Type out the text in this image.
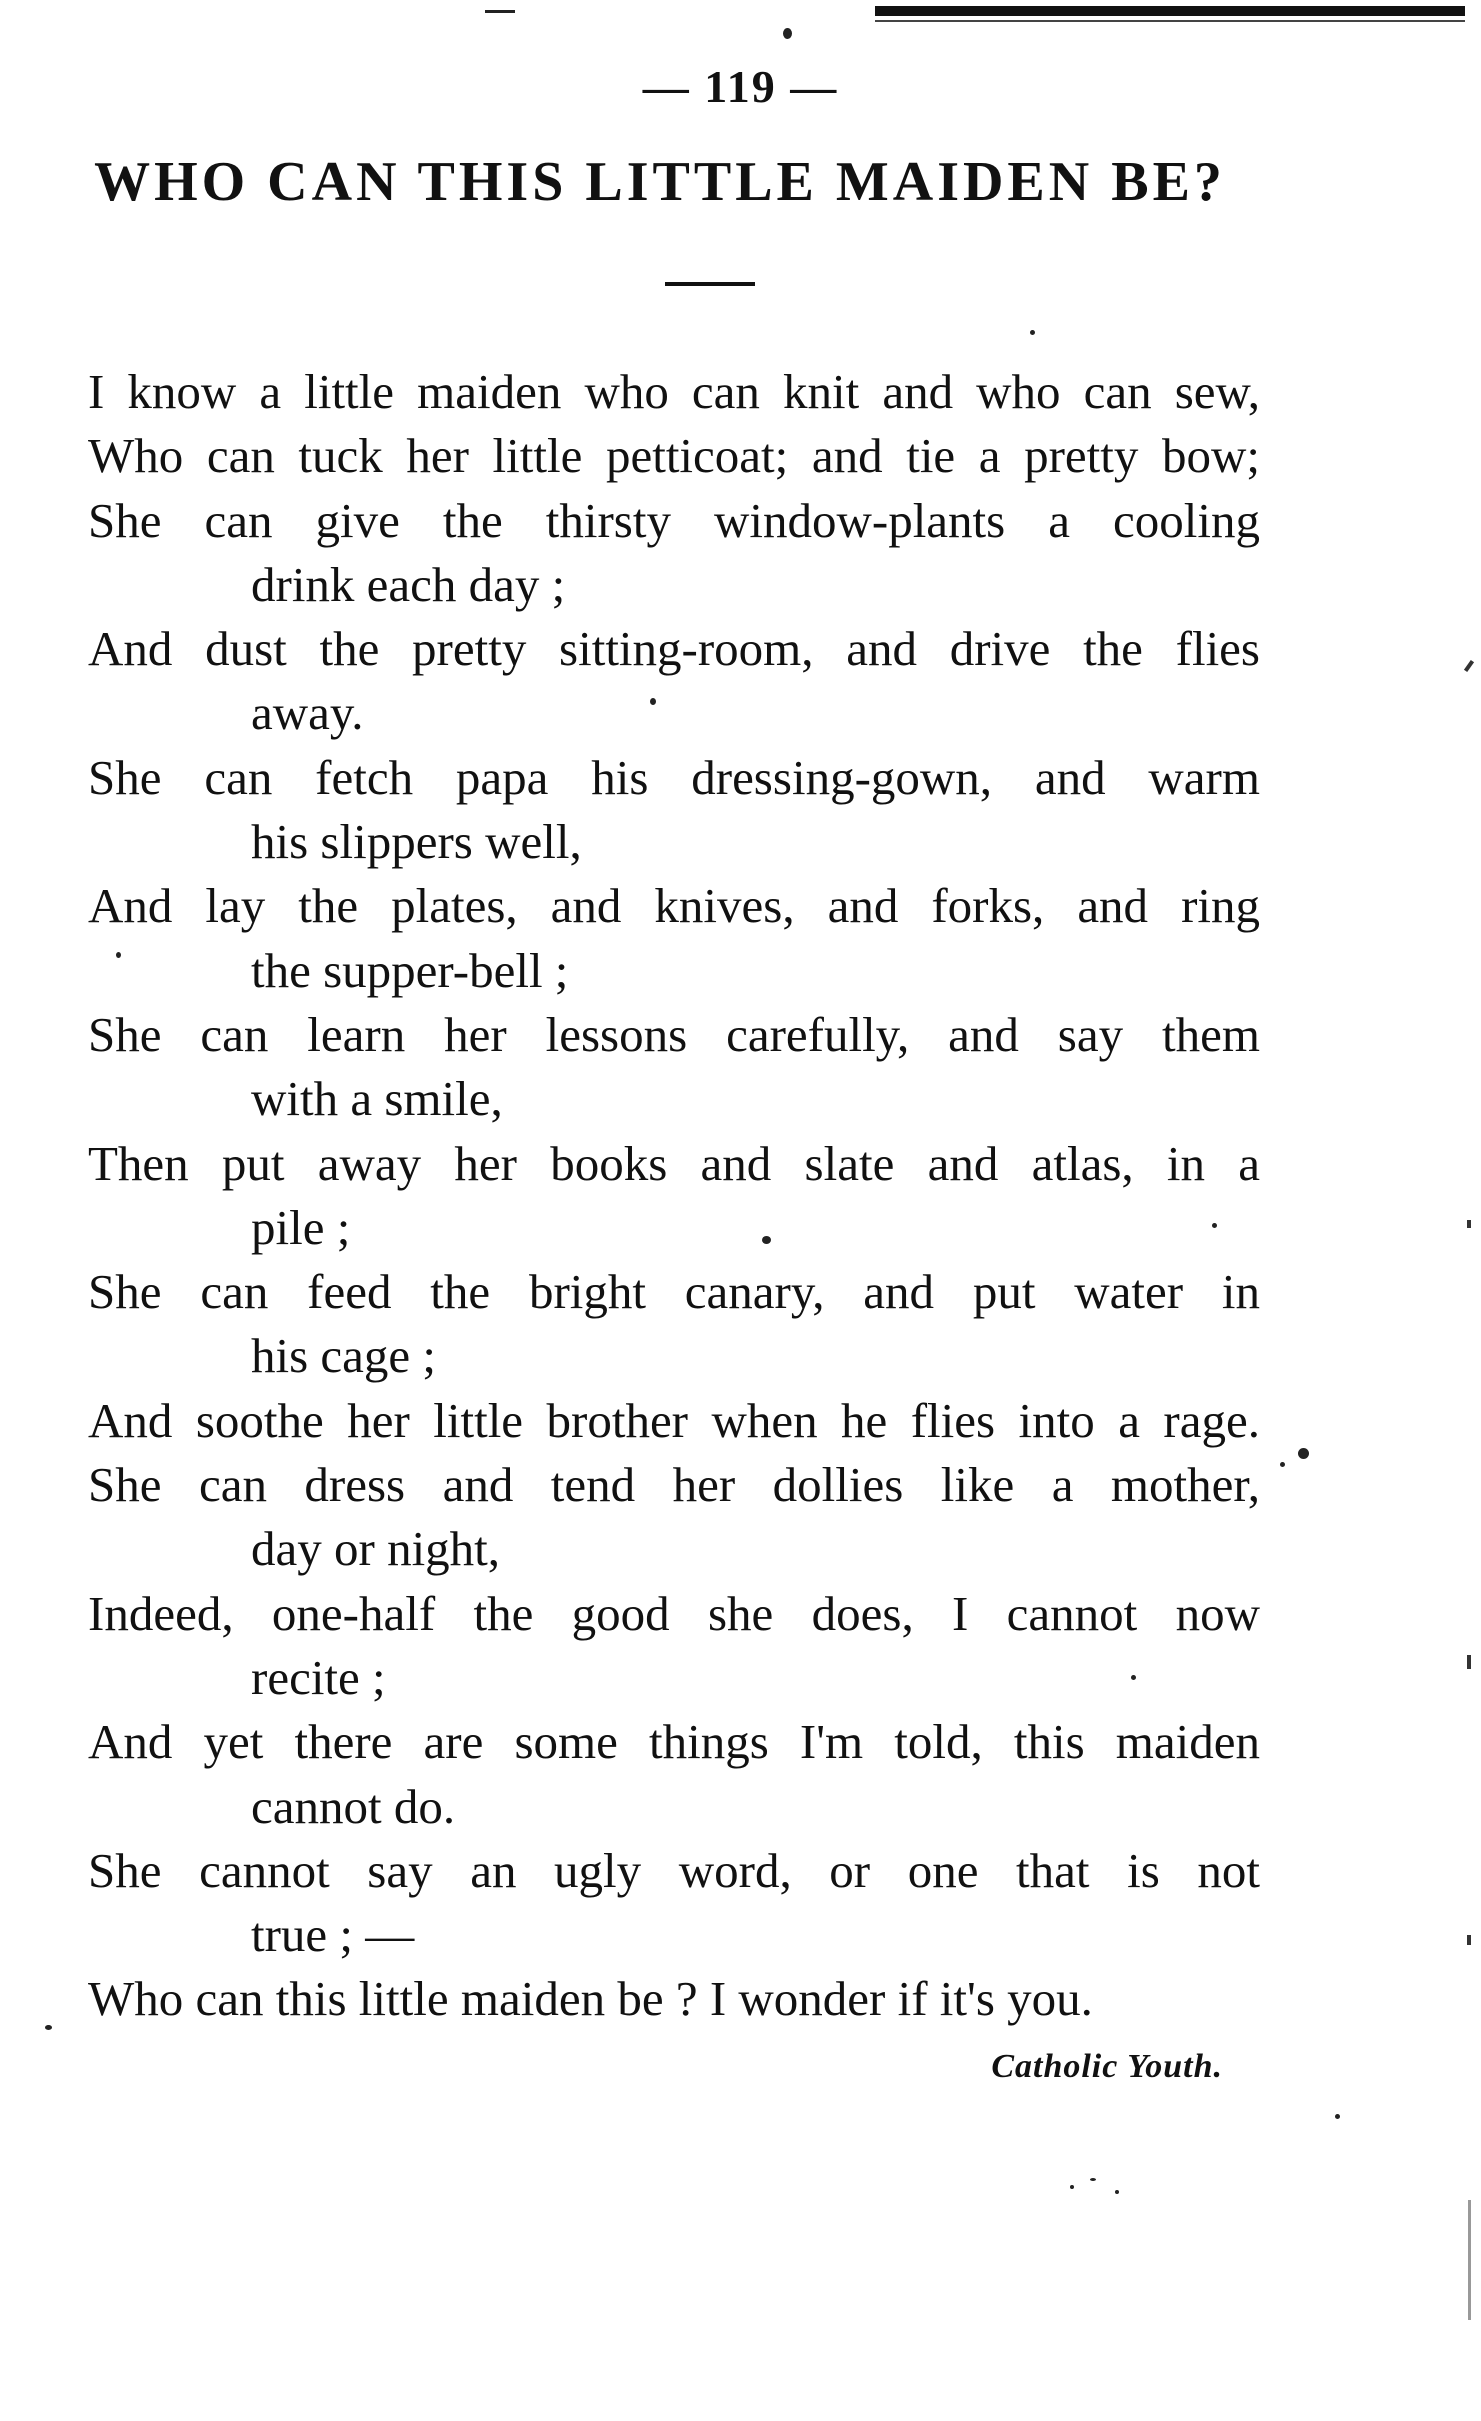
— 119 —
WHO CAN THIS LITTLE MAIDEN BE?
I know a little maiden who can knit and who can sew,
Who can tuck her little petticoat; and tie a pretty bow;
She can give the thirsty window-plants a cooling
drink each day ;
And dust the pretty sitting-room, and drive the flies
away.
She can fetch papa his dressing-gown, and warm
his slippers well,
And lay the plates, and knives, and forks, and ring
the supper-bell ;
She can learn her lessons carefully, and say them
with a smile,
Then put away her books and slate and atlas, in a
pile ;
She can feed the bright canary, and put water in
his cage ;
And soothe her little brother when he flies into a rage.
She can dress and tend her dollies like a mother,
day or night,
Indeed, one-half the good she does, I cannot now
recite ;
And yet there are some things I'm told, this maiden
cannot do.
She cannot say an ugly word, or one that is not
true ; —
Who can this little maiden be ? I wonder if it's you.
Catholic Youth.
